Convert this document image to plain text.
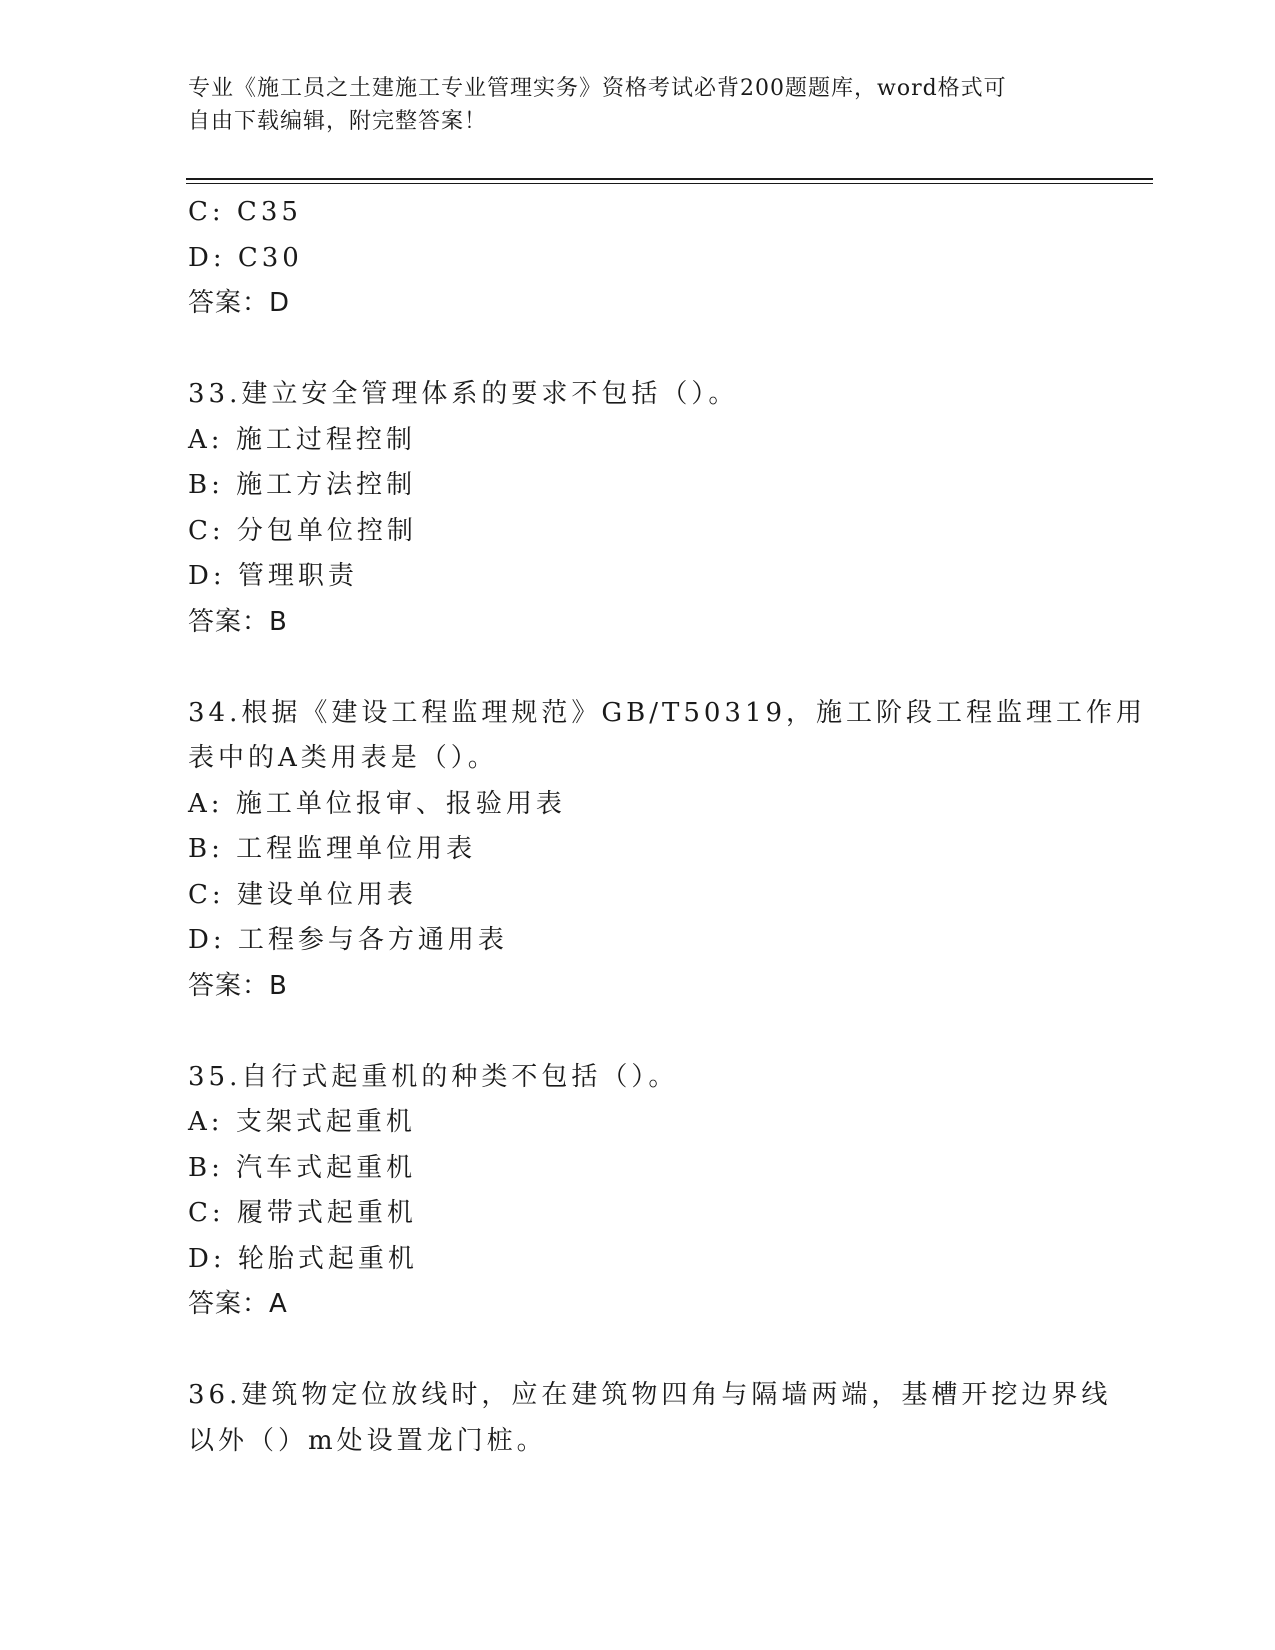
专业《施工员之土建施工专业管理实务》资格考试必背200题题库，word格式可
自由下载编辑，附完整答案！
C: C35
D: C30
答案：D
33.建立安全管理体系的要求不包括（）。
A: 施工过程控制
B: 施工方法控制
C: 分包单位控制
D: 管理职责
答案：B
34.根据《建设工程监理规范》GB/T50319，施工阶段工程监理工作用
表中的A类用表是（）。
A: 施工单位报审、报验用表
B: 工程监理单位用表
C: 建设单位用表
D: 工程参与各方通用表
答案：B
35.自行式起重机的种类不包括（）。
A: 支架式起重机
B: 汽车式起重机
C: 履带式起重机
D: 轮胎式起重机
答案：A
36.建筑物定位放线时，应在建筑物四角与隔墙两端，基槽开挖边界线
以外（）m处设置龙门桩。
